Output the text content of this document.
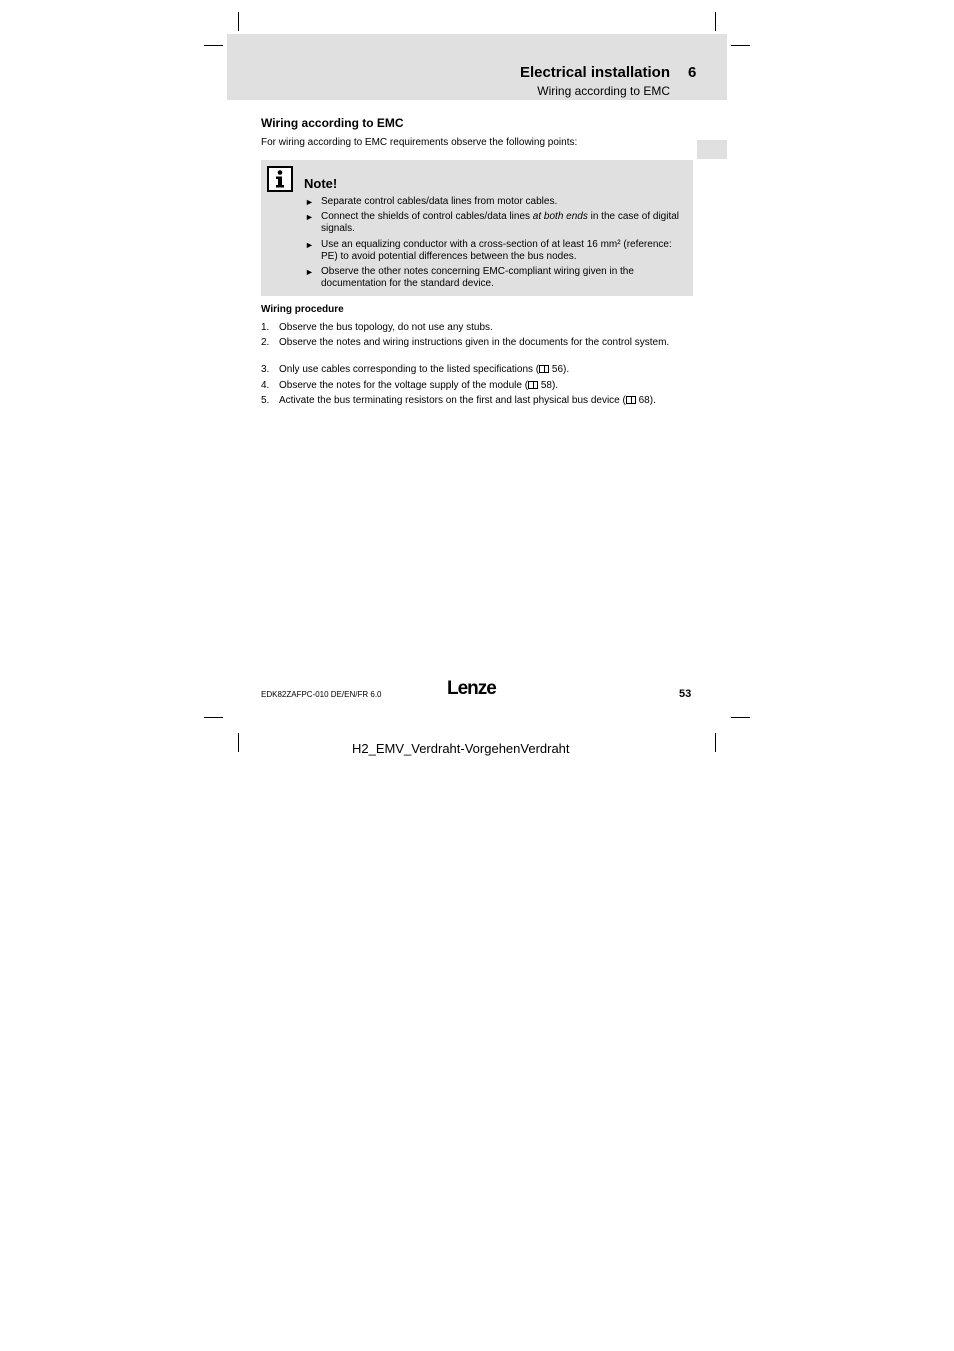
Electrical installation 6
Wiring according to EMC
Wiring according to EMC
For wiring according to EMC requirements observe the following points:
Note!
► Separate control cables/data lines from motor cables.
► Connect the shields of control cables/data lines at both ends in the case of digital signals.
► Use an equalizing conductor with a cross-section of at least 16 mm² (reference: PE) to avoid potential differences between the bus nodes.
► Observe the other notes concerning EMC-compliant wiring given in the documentation for the standard device.
Wiring procedure
1. Observe the bus topology, do not use any stubs.
2. Observe the notes and wiring instructions given in the documents for the control system.
3. Only use cables corresponding to the listed specifications ( 56).
4. Observe the notes for the voltage supply of the module ( 58).
5. Activate the bus terminating resistors on the first and last physical bus device ( 68).
EDK82ZAFPC-010 DE/EN/FR 6.0	Lenze	53
H2_EMV_Verdraht-VorgehenVerdraht
